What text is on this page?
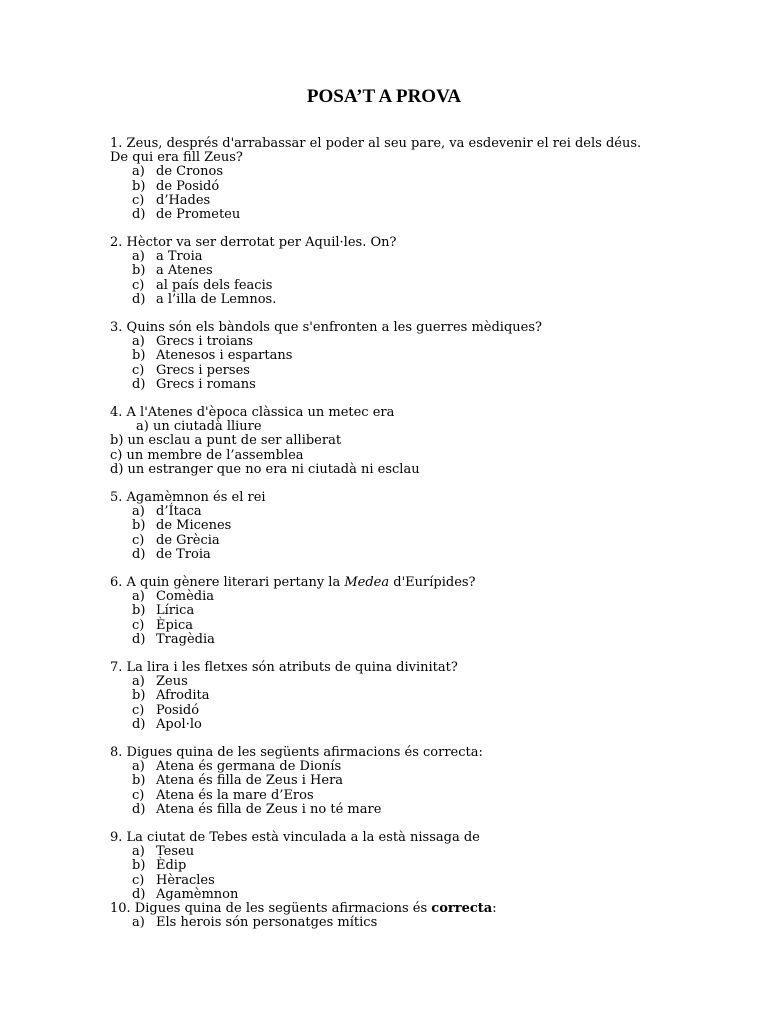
POSA’T A PROVA
1. Zeus, després d'arrabassar el poder al seu pare, va esdevenir el rei dels déus.
De qui era fill Zeus?
a) de Cronos
b) de Posidó
c) d’Hades
d) de Prometeu
2. Hèctor va ser derrotat per Aquil·les. On?
a) a Troia
b) a Atenes
c) al país dels feacis
d) a l’illa de Lemnos.
3. Quins són els bàndols que s'enfronten a les guerres mèdiques?
a) Grecs i troians
b) Atenesos i espartans
c) Grecs i perses
d) Grecs i romans
4. A l'Atenes d'època clàssica un metec era
a) un ciutadà lliure
b) un esclau a punt de ser alliberat
c) un membre de l’assemblea
d) un estranger que no era ni ciutadà ni esclau
5. Agamèmnon és el rei
a) d’Ítaca
b) de Micenes
c) de Grècia
d) de Troia
6. A quin gènere literari pertany la Medea d'Eurípides?
a) Comèdia
b) Lírica
c) Èpica
d) Tragèdia
7. La lira i les fletxes són atributs de quina divinitat?
a) Zeus
b) Afrodita
c) Posidó
d) Apol·lo
8. Digues quina de les següents afirmacions és correcta:
a) Atena és germana de Dionís
b) Atena és filla de Zeus i Hera
c) Atena és la mare d’Eros
d) Atena és filla de Zeus i no té mare
9. La ciutat de Tebes està vinculada a la està nissaga de
a) Teseu
b) Èdip
c) Hèracles
d) Agamèmnon
10. Digues quina de les següents afirmacions és correcta:
a) Els herois són personatges mítics
